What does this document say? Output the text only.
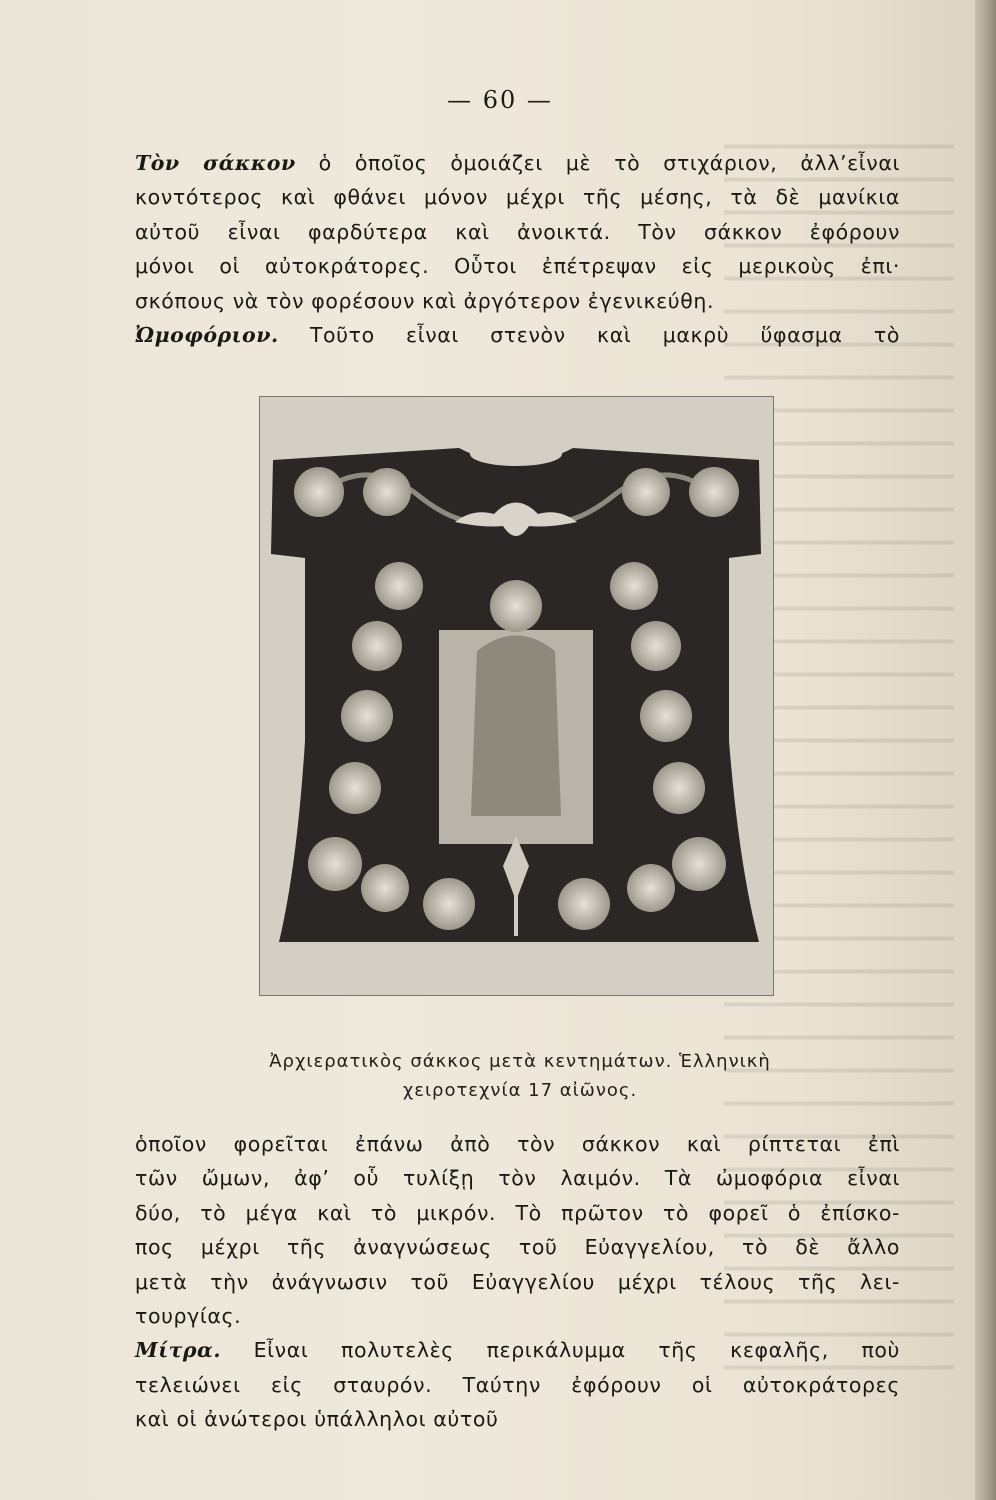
— 60 —
Τὸν σάκκον ὁ ὁποῖος ὁμοιάζει μὲ τὸ στιχάριον, ἀλλ’εἶναι
κοντότερος καὶ φθάνει μόνον μέχρι τῆς μέσης, τὰ δὲ μανίκια
αὐτοῦ εἶναι φαρδύτερα καὶ ἀνοικτά. Τὸν σάκκον ἐφόρουν
μόνοι οἱ αὐτοκράτορες. Οὗτοι ἐπέτρεψαν εἰς μερικοὺς ἐπι·
σκόπους νὰ τὸν φορέσουν καὶ ἀργότερον ἐγενικεύθη.
Ὠμοφόριον. Τοῦτο εἶναι στενὸν καὶ μακρὺ ὕφασμα τὸ
Ἀρχιερατικὸς σάκκος μετὰ κεντημάτων. Ἑλληνικὴ
χειροτεχνία 17 αἰῶνος.
ὁποῖον φορεῖται ἐπάνω ἀπὸ τὸν σάκκον καὶ ρίπτεται ἐπὶ
τῶν ὤμων, ἀφ’ οὗ τυλίξῃ τὸν λαιμόν. Τὰ ὠμοφόρια εἶναι
δύο, τὸ μέγα καὶ τὸ μικρόν. Τὸ πρῶτον τὸ φορεῖ ὁ ἐπίσκο-
πος μέχρι τῆς ἀναγνώσεως τοῦ Εὐαγγελίου, τὸ δὲ ἄλλο
μετὰ τὴν ἀνάγνωσιν τοῦ Εὐαγγελίου μέχρι τέλους τῆς λει-
τουργίας.
Μίτρα. Εἶναι πολυτελὲς περικάλυμμα τῆς κεφαλῆς, ποὺ
τελειώνει εἰς σταυρόν. Ταύτην ἐφόρουν οἱ αὐτοκράτορες
καὶ οἱ ἀνώτεροι ὑπάλληλοι αὐτοῦ
